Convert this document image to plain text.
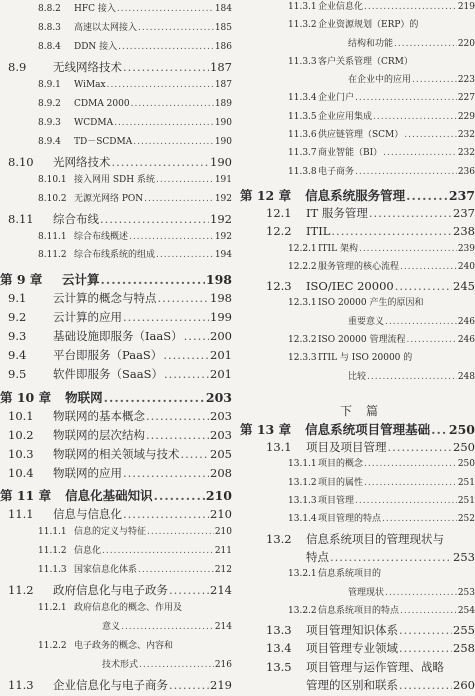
8.8.2	HFC 接入 .....	184
8.8.3	高速以太网接入 .....	185
8.8.4	DDN 接入 .....	186
8.9	无线网络技术 .....	187
8.9.1	WiMax .....	187
8.9.2	CDMA 2000 .....	189
8.9.3	WCDMA .....	190
8.9.4	TD－SCDMA .....	190
8.10	光网络技术 .....	190
8.10.1 接入网用 SDH 系统 .....	191
8.10.2 无源光网络 PON .....	192
8.11	综合布线 .....	192
8.11.1 综合布线概述 .....	192
8.11.2 综合布线系统的组成 .....	194
第 9 章	云计算 .....	198
9.1	云计算的概念与特点 .....	198
9.2	云计算的应用 .....	199
9.3	基础设施即服务（IaaS） ..... 200
9.4	平台即服务（PaaS） .....	201
9.5	软件即服务（SaaS） .....	201
第 10 章 物联网 .....	203
10.1	物联网的基本概念 .....	203
10.2	物联网的层次结构 .....	203
10.3	物联网的相关领域与技术 .....	205
10.4	物联网的应用 .....	208
第 11 章 信息化基础知识 .....	210
11.1	信息与信息化 .....	210
11.1.1 信息的定义与特征 .....	210
11.1.2 信息化 .....	211
11.1.3 国家信息化体系 .....	212
11.2	政府信息化与电子政务 .....	214
11.2.1 政府信息化的概念、作用及
意义 .....	214
11.2.2 电子政务的概念、内容和
技术形式 .....	216
11.3	企业信息化与电子商务 .....	219
11.3.1 企业信息化 .....	219
11.3.2 企业资源规划（ERP）的
结构和功能 .....	220
11.3.3 客户关系管理（CRM）
在企业中的应用 .....	223
11.3.4 企业门户 .....	227
11.3.5 企业应用集成 .....	229
11.3.6 供应链管理（SCM） .....	232
11.3.7 商业智能（BI） .....	232
11.3.8 电子商务 .....	236
第 12 章 信息系统服务管理 .....	237
12.1	IT 服务管理 .....	237
12.2	ITIL .....	238
12.2.1 ITIL 架构 .....	239
12.2.2 服务管理的核心流程 .....	240
12.3	ISO/IEC 20000 .....	245
12.3.1 ISO 20000 产生的原因和
重要意义 .....	246
12.3.2 ISO 20000 管理流程 .....	246
12.3.3 ITIL 与 ISO 20000 的
比较 .....	248
下篇
第 13 章 信息系统项目管理基础 ..... 250
13.1	项目及项目管理 .....	250
13.1.1 项目的概念 .....	250
13.1.2 项目的属性 .....	251
13.1.3 项目管理 .....	251
13.1.4 项目管理的特点 .....	252
13.2	信息系统项目的管理现状与
特点 .....	253
13.2.1 信息系统项目的
管理现状 .....	253
13.2.2 信息系统项目的特点 .....	254
13.3	项目管理知识体系 .....	255
13.4	项目管理专业领域 .....	258
13.5	项目管理与运作管理、战略
管理的区别和联系 .....	260
